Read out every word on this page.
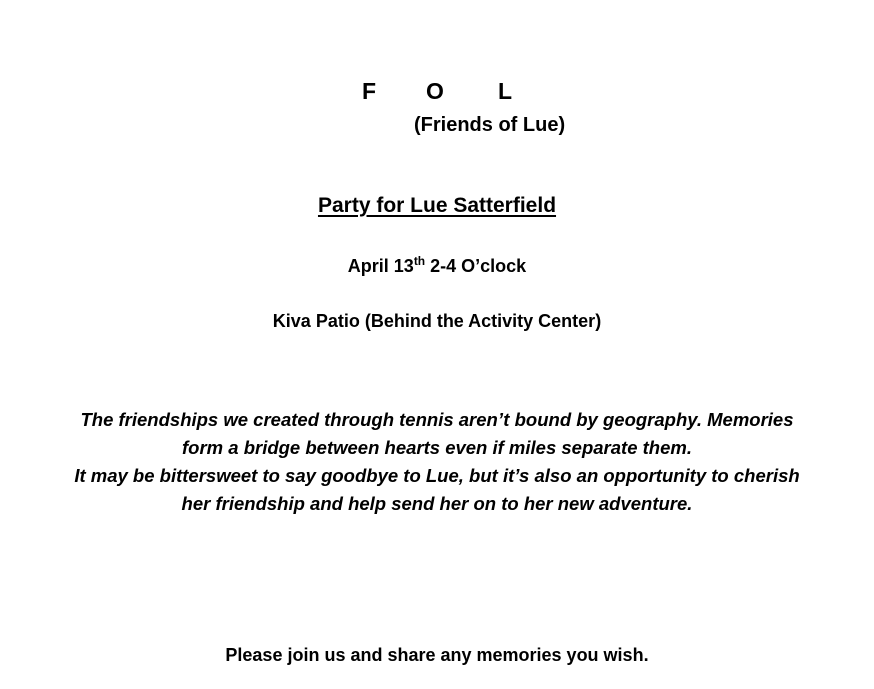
F	O	L
(Friends of Lue)
Party for Lue Satterfield
April 13th 2-4 O’clock
Kiva Patio (Behind the Activity Center)
The friendships we created through tennis aren’t bound by geography. Memories
form a bridge between hearts even if miles separate them.
It may be bittersweet to say goodbye to Lue, but it’s also an opportunity to cherish
her friendship and help send her on to her new adventure.
Please join us and share any memories you wish.
